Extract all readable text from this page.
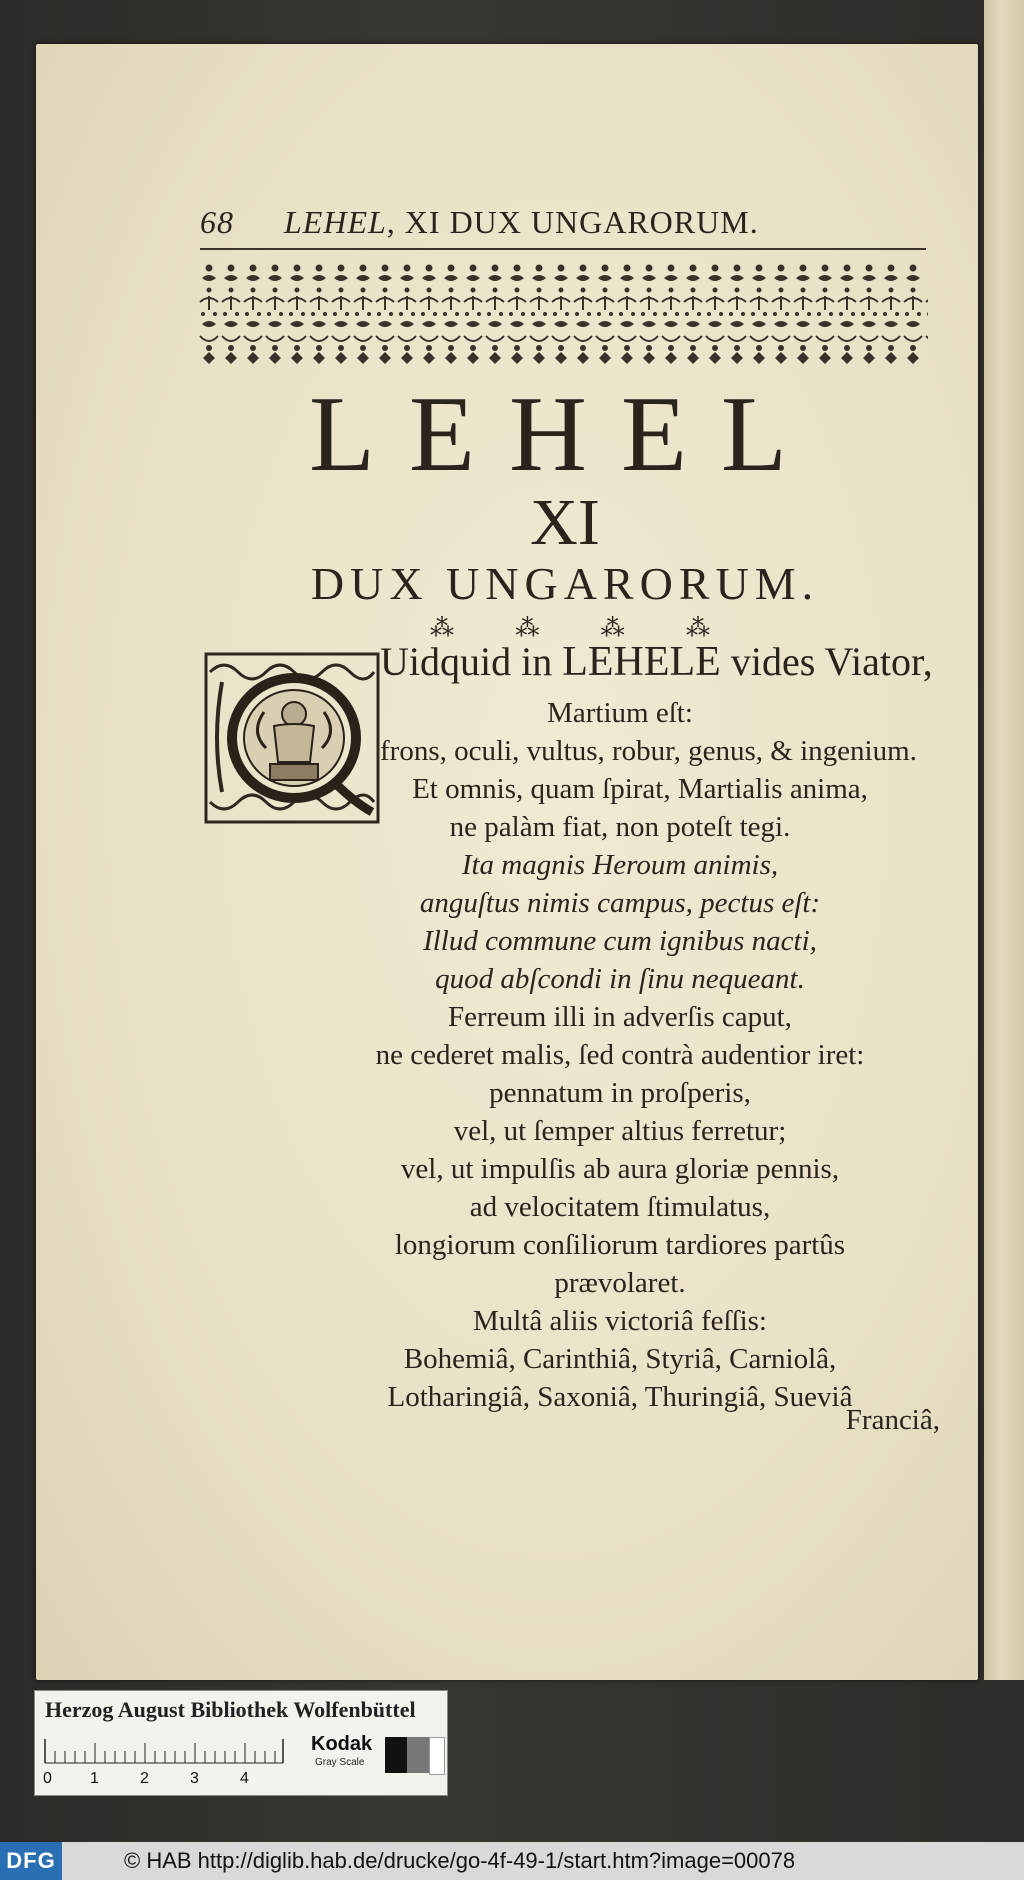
68 LEHEL, XI DUX UNGARORUM.
LEHEL
XI
DUX UNGARORUM.
⁂	⁂	⁂	⁂
Uidquid in LEHELE vides Viator,
Martium eſt:
frons, oculi, vultus, robur, genus, & ingenium.
Et omnis, quam ſpirat, Martialis anima,
ne palàm fiat, non poteſt tegi.
Ita magnis Heroum animis,
anguſtus nimis campus, pectus eſt:
Illud commune cum ignibus nacti,
quod abſcondi in ſinu nequeant.
Ferreum illi in adverſis caput,
ne cederet malis, ſed contrà audentior iret:
pennatum in proſperis,
vel, ut ſemper altius ferretur;
vel, ut impulſis ab aura gloriæ pennis,
ad velocitatem ſtimulatus,
longiorum conſiliorum tardiores partûs
prævolaret.
Multâ aliis victoriâ feſſis:
Bohemiâ, Carinthiâ, Styriâ, Carniolâ,
Lotharingiâ, Saxoniâ, Thuringiâ, Sueviâ
Franciâ,
Herzog August Bibliothek Wolfenbüttel
0 1	2	3	4
Kodak
Gray Scale
DFG	© HAB http://diglib.hab.de/drucke/go-4f-49-1/start.htm?image=00078
